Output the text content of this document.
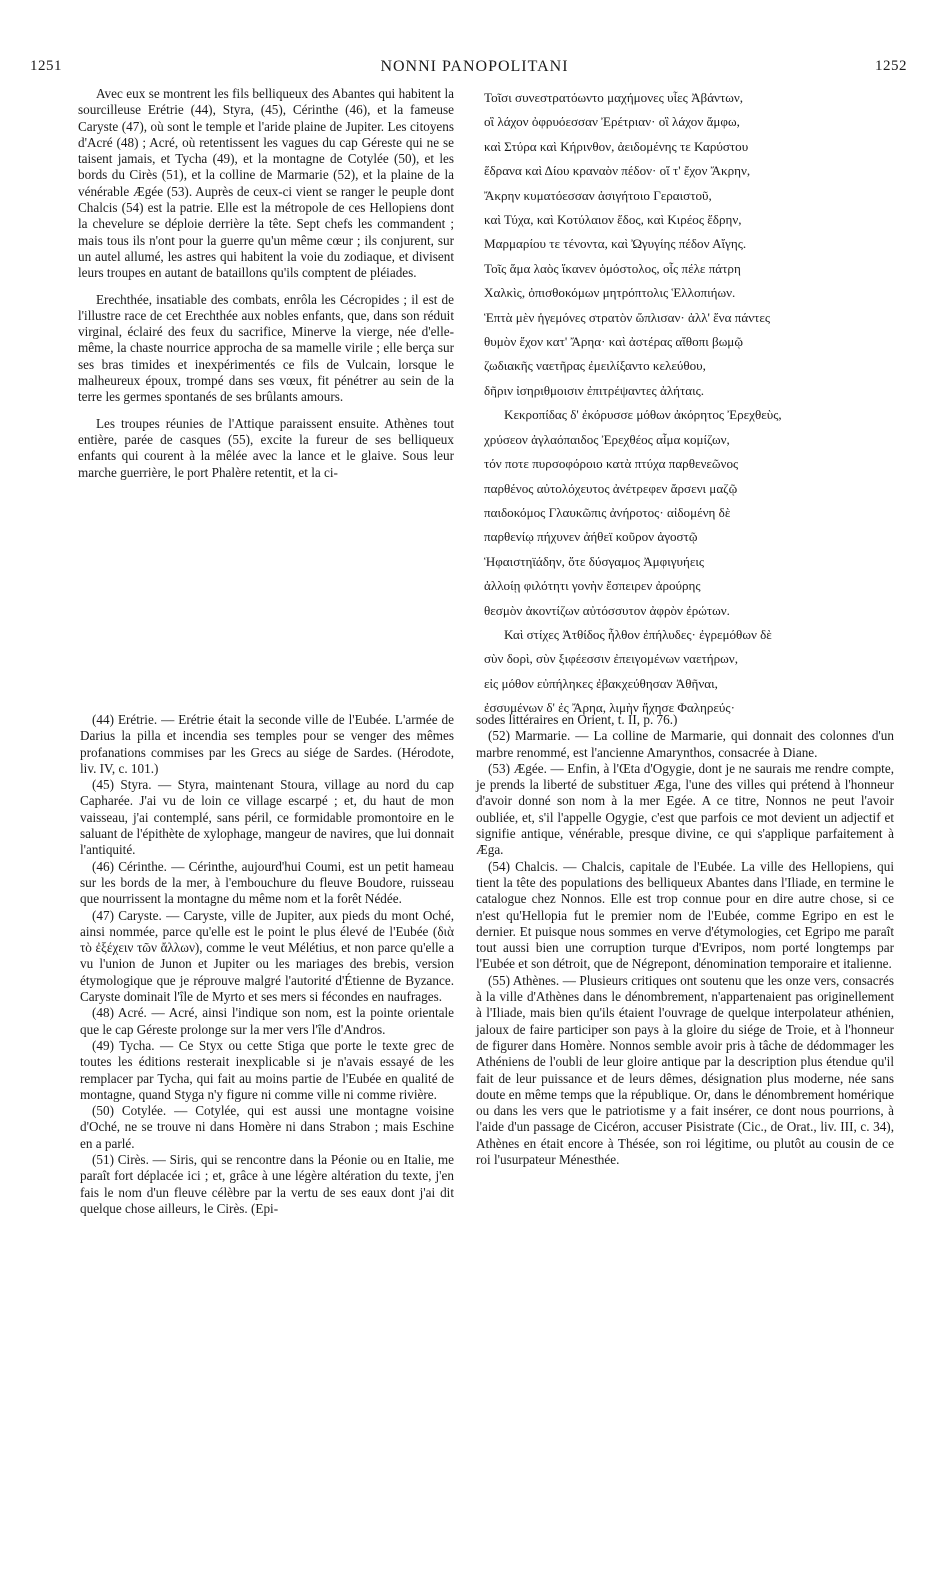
1251	NONNI PANOPOLITANI	1252

Avec eux se montrent les fils belliqueux des Abantes qui habitent la sourcilleuse Erétrie (44), Styra, (45), Cérinthe (46), et la fameuse Caryste (47), où sont le temple et l'aride plaine de Jupiter. Les citoyens d'Acré (48) ; Acré, où retentissent les vagues du cap Géreste qui ne se taisent jamais, et Tycha (49), et la montagne de Cotylée (50), et les bords du Cirès (51), et la colline de Marmarie (52), et la plaine de la vénérable Ægée (53). Auprès de ceux-ci vient se ranger le peuple dont Chalcis (54) est la patrie. Elle est la métropole de ces Hellopiens dont la chevelure se déploie derrière la tête. Sept chefs les commandent ; mais tous ils n'ont pour la guerre qu'un même cœur ; ils conjurent, sur un autel allumé, les astres qui habitent la voie du zodiaque, et divisent leurs troupes en autant de bataillons qu'ils comptent de pléiades.

Erechthée, insatiable des combats, enrôla les Cécropides ; il est de l'illustre race de cet Erechthée aux nobles enfants, que, dans son réduit virginal, éclairé des feux du sacrifice, Minerve la vierge, née d'elle-même, la chaste nourrice approcha de sa mamelle virile ; elle berça sur ses bras timides et inexpérimentés ce fils de Vulcain, lorsque le malheureux époux, trompé dans ses vœux, fit pénétrer au sein de la terre les germes spontanés de ses brûlants amours.

Les troupes réunies de l'Attique paraissent ensuite. Athènes tout entière, parée de casques (55), excite la fureur de ses belliqueux enfants qui courent à la mêlée avec la lance et le glaive. Sous leur marche guerrière, le port Phalère retentit, et la ci-

Τοῖσι συνεστρατόωντο μαχήμονες υἷες Ἀβάντων,
οἳ λάχον ὀφρυόεσσαν Ἐρέτριαν· οἳ λάχον ἄμφω,
καὶ Στύρα καὶ Κήρινθον, ἀειδομένης τε Καρύστου
ἕδρανα καὶ Δίου κραναὸν πέδον· οἵ τ' ἔχον Ἄκρην,
Ἄκρην κυματόεσσαν ἀσιγήτοιο Γεραιστοῦ,
καὶ Τύχα, καὶ Κοτύλαιον ἕδος, καὶ Κιρέος ἕδρην,
Μαρμαρίου τε τένοντα, καὶ Ὠγυγίης πέδον Αἴγης.
Τοῖς ἅμα λαὸς ἵκανεν ὁμόστολος, οἷς πέλε πάτρη
Χαλκὶς, ὀπισθοκόμων μητρόπτολις Ἑλλοπιήων.
Ἑπτὰ μὲν ἡγεμόνες στρατὸν ὥπλισαν· ἀλλ' ἕνα πάντες
θυμὸν ἔχον κατ' Ἄρηα· καὶ ἀστέρας αἴθοπι βωμῷ
ζωδιακῆς ναετῆρας ἐμειλίξαντο κελεύθου,
δῆριν ἰσηριθμοισιν ἐπιτρέψαντες ἀλήταις.
Κεκροπίδας δ' ἐκόρυσσε μόθων ἀκόρητος Ἐρεχθεὺς,
χρύσεον ἀγλαόπαιδος Ἐρεχθέος αἷμα κομίζων,
τόν ποτε πυρσοφόροιο κατὰ πτύχα παρθενεῶνος
παρθένος αὐτολόχευτος ἀνέτρεφεν ἄρσενι μαζῷ
παιδοκόμος Γλαυκῶπις ἀνήροτος· αἰδομένη δὲ
παρθενίῳ πήχυνεν ἀήθεϊ κοῦρον ἀγοστῷ
Ἡφαιστηϊάδην, ὅτε δύσγαμος Ἀμφιγυήεις
ἀλλοίῃ φιλότητι γονὴν ἔσπειρεν ἀρούρης
θεσμὸν ἀκοντίζων αὐτόσσυτον ἀφρὸν ἐρώτων.
Καὶ στίχες Ἀτθίδος ἦλθον ἐπήλυδες· ἐγρεμόθων δὲ
σὺν δορὶ, σὺν ξιφέεσσιν ἐπειγομένων ναετήρων,
εἰς μόθον εὐπήληκες ἐβακχεύθησαν Ἀθῆναι,
ἐσσυμένων δ' ἐς Ἄρηα, λιμὴν ἤχησε Φαληρεύς·

(44) Erétrie. — Erétrie était la seconde ville de l'Eubée. L'armée de Darius la pilla et incendia ses temples pour se venger des mêmes profanations commises par les Grecs au siége de Sardes. (Hérodote, liv. IV, c. 101.)

(45) Styra. — Styra, maintenant Stoura, village au nord du cap Capharée. J'ai vu de loin ce village escarpé ; et, du haut de mon vaisseau, j'ai contemplé, sans péril, ce formidable promontoire en le saluant de l'épithète de xylophage, mangeur de navires, que lui donnait l'antiquité.

(46) Cérinthe. — Cérinthe, aujourd'hui Coumi, est un petit hameau sur les bords de la mer, à l'embouchure du fleuve Boudore, ruisseau que nourrissent la montagne du même nom et la forêt Nédée.

(47) Caryste. — Caryste, ville de Jupiter, aux pieds du mont Oché, ainsi nommée, parce qu'elle est le point le plus élevé de l'Eubée (διὰ τὸ ἐξέχειν τῶν ἄλλων), comme le veut Mélétius, et non parce qu'elle a vu l'union de Junon et Jupiter ou les mariages des brebis, version étymologique que je réprouve malgré l'autorité d'Étienne de Byzance. Caryste dominait l'île de Myrto et ses mers si fécondes en naufrages.

(48) Acré. — Acré, ainsi l'indique son nom, est la pointe orientale que le cap Géreste prolonge sur la mer vers l'île d'Andros.

(49) Tycha. — Ce Styx ou cette Stiga que porte le texte grec de toutes les éditions resterait inexplicable si je n'avais essayé de les remplacer par Tycha, qui fait au moins partie de l'Eubée en qualité de montagne, quand Styga n'y figure ni comme ville ni comme rivière.

(50) Cotylée. — Cotylée, qui est aussi une montagne voisine d'Oché, ne se trouve ni dans Homère ni dans Strabon ; mais Eschine en a parlé.

(51) Cirès. — Siris, qui se rencontre dans la Péonie ou en Italie, me paraît fort déplacée ici ; et, grâce à une légère altération du texte, j'en fais le nom d'un fleuve célèbre par la vertu de ses eaux dont j'ai dit quelque chose ailleurs, le Cirès. (Epi-

sodes littéraires en Orient, t. II, p. 76.)

(52) Marmarie. — La colline de Marmarie, qui donnait des colonnes d'un marbre renommé, est l'ancienne Amarynthos, consacrée à Diane.

(53) Ægée. — Enfin, à l'Œta d'Ogygie, dont je ne saurais me rendre compte, je prends la liberté de substituer Æga, l'une des villes qui prétend à l'honneur d'avoir donné son nom à la mer Egée. A ce titre, Nonnos ne peut l'avoir oubliée, et, s'il l'appelle Ogygie, c'est que parfois ce mot devient un adjectif et signifie antique, vénérable, presque divine, ce qui s'applique parfaitement à Æga.

(54) Chalcis. — Chalcis, capitale de l'Eubée. La ville des Hellopiens, qui tient la tête des populations des belliqueux Abantes dans l'Iliade, en termine le catalogue chez Nonnos. Elle est trop connue pour en dire autre chose, si ce n'est qu'Hellopia fut le premier nom de l'Eubée, comme Egripo en est le dernier. Et puisque nous sommes en verve d'étymologies, cet Egripo me paraît tout aussi bien une corruption turque d'Evripos, nom porté longtemps par l'Eubée et son détroit, que de Négrepont, dénomination temporaire et italienne.

(55) Athènes. — Plusieurs critiques ont soutenu que les onze vers, consacrés à la ville d'Athènes dans le dénombrement, n'appartenaient pas originellement à l'Iliade, mais bien qu'ils étaient l'ouvrage de quelque interpolateur athénien, jaloux de faire participer son pays à la gloire du siége de Troie, et à l'honneur de figurer dans Homère. Nonnos semble avoir pris à tâche de dédommager les Athéniens de l'oubli de leur gloire antique par la description plus étendue qu'il fait de leur puissance et de leurs dêmes, désignation plus moderne, née sans doute en même temps que la république. Or, dans le dénombrement homérique ou dans les vers que le patriotisme y a fait insérer, ce dont nous pourrions, à l'aide d'un passage de Cicéron, accuser Pisistrate (Cic., de Orat., liv. III, c. 34), Athènes en était encore à Thésée, son roi légitime, ou plutôt au cousin de ce roi l'usurpateur Ménesthée.
